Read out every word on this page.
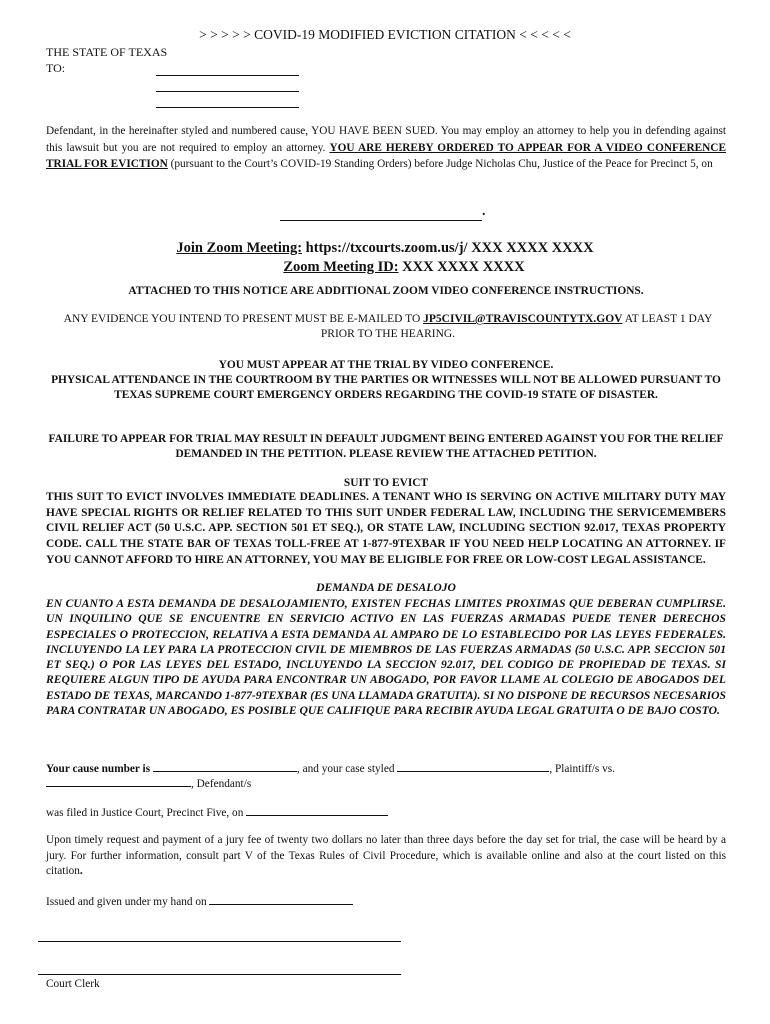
> > > > > COVID-19 MODIFIED EVICTION CITATION < < < < <
THE STATE OF TEXAS
TO:
Defendant, in the hereinafter styled and numbered cause, YOU HAVE BEEN SUED. You may employ an attorney to help you in defending against this lawsuit but you are not required to employ an attorney. YOU ARE HEREBY ORDERED TO APPEAR FOR A VIDEO CONFERENCE TRIAL FOR EVICTION (pursuant to the Court’s COVID-19 Standing Orders) before Judge Nicholas Chu, Justice of the Peace for Precinct 5, on
.
Join Zoom Meeting: https://txcourts.zoom.us/j/ XXX XXXX XXXX
Zoom Meeting ID: XXX XXXX XXXX
ATTACHED TO THIS NOTICE ARE ADDITIONAL ZOOM VIDEO CONFERENCE INSTRUCTIONS.
ANY EVIDENCE YOU INTEND TO PRESENT MUST BE E-MAILED TO JP5CIVIL@TRAVISCOUNTYTX.GOV AT LEAST 1 DAY PRIOR TO THE HEARING.
YOU MUST APPEAR AT THE TRIAL BY VIDEO CONFERENCE.
PHYSICAL ATTENDANCE IN THE COURTROOM BY THE PARTIES OR WITNESSES WILL NOT BE ALLOWED PURSUANT TO TEXAS SUPREME COURT EMERGENCY ORDERS REGARDING THE COVID-19 STATE OF DISASTER.
FAILURE TO APPEAR FOR TRIAL MAY RESULT IN DEFAULT JUDGMENT BEING ENTERED AGAINST YOU FOR THE RELIEF DEMANDED IN THE PETITION. PLEASE REVIEW THE ATTACHED PETITION.
SUIT TO EVICT
THIS SUIT TO EVICT INVOLVES IMMEDIATE DEADLINES. A TENANT WHO IS SERVING ON ACTIVE MILITARY DUTY MAY HAVE SPECIAL RIGHTS OR RELIEF RELATED TO THIS SUIT UNDER FEDERAL LAW, INCLUDING THE SERVICEMEMBERS CIVIL RELIEF ACT (50 U.S.C. APP. SECTION 501 ET SEQ.), OR STATE LAW, INCLUDING SECTION 92.017, TEXAS PROPERTY CODE. CALL THE STATE BAR OF TEXAS TOLL-FREE AT 1-877-9TEXBAR IF YOU NEED HELP LOCATING AN ATTORNEY. IF YOU CANNOT AFFORD TO HIRE AN ATTORNEY, YOU MAY BE ELIGIBLE FOR FREE OR LOW-COST LEGAL ASSISTANCE.
DEMANDA DE DESALOJO
EN CUANTO A ESTA DEMANDA DE DESALOJAMIENTO, EXISTEN FECHAS LIMITES PROXIMAS QUE DEBERAN CUMPLIRSE. UN INQUILINO QUE SE ENCUENTRE EN SERVICIO ACTIVO EN LAS FUERZAS ARMADAS PUEDE TENER DERECHOS ESPECIALES O PROTECCION, RELATIVA A ESTA DEMANDA AL AMPARO DE LO ESTABLECIDO POR LAS LEYES FEDERALES. INCLUYENDO LA LEY PARA LA PROTECCION CIVIL DE MIEMBROS DE LAS FUERZAS ARMADAS (50 U.S.C. APP. SECCION 501 ET SEQ.) O POR LAS LEYES DEL ESTADO, INCLUYENDO LA SECCION 92.017, DEL CODIGO DE PROPIEDAD DE TEXAS. SI REQUIERE ALGUN TIPO DE AYUDA PARA ENCONTRAR UN ABOGADO, POR FAVOR LLAME AL COLEGIO DE ABOGADOS DEL ESTADO DE TEXAS, MARCANDO 1-877-9TEXBAR (ES UNA LLAMADA GRATUITA). SI NO DISPONE DE RECURSOS NECESARIOS PARA CONTRATAR UN ABOGADO, ES POSIBLE QUE CALIFIQUE PARA RECIBIR AYUDA LEGAL GRATUITA O DE BAJO COSTO.
Your cause number is	, and your case styled	, Plaintiff/s vs.
, Defendant/s
was filed in Justice Court, Precinct Five, on
Upon timely request and payment of a jury fee of twenty two dollars no later than three days before the day set for trial, the case will be heard by a jury. For further information, consult part V of the Texas Rules of Civil Procedure, which is available online and also at the court listed on this citation.
Issued and given under my hand on
Court Clerk
